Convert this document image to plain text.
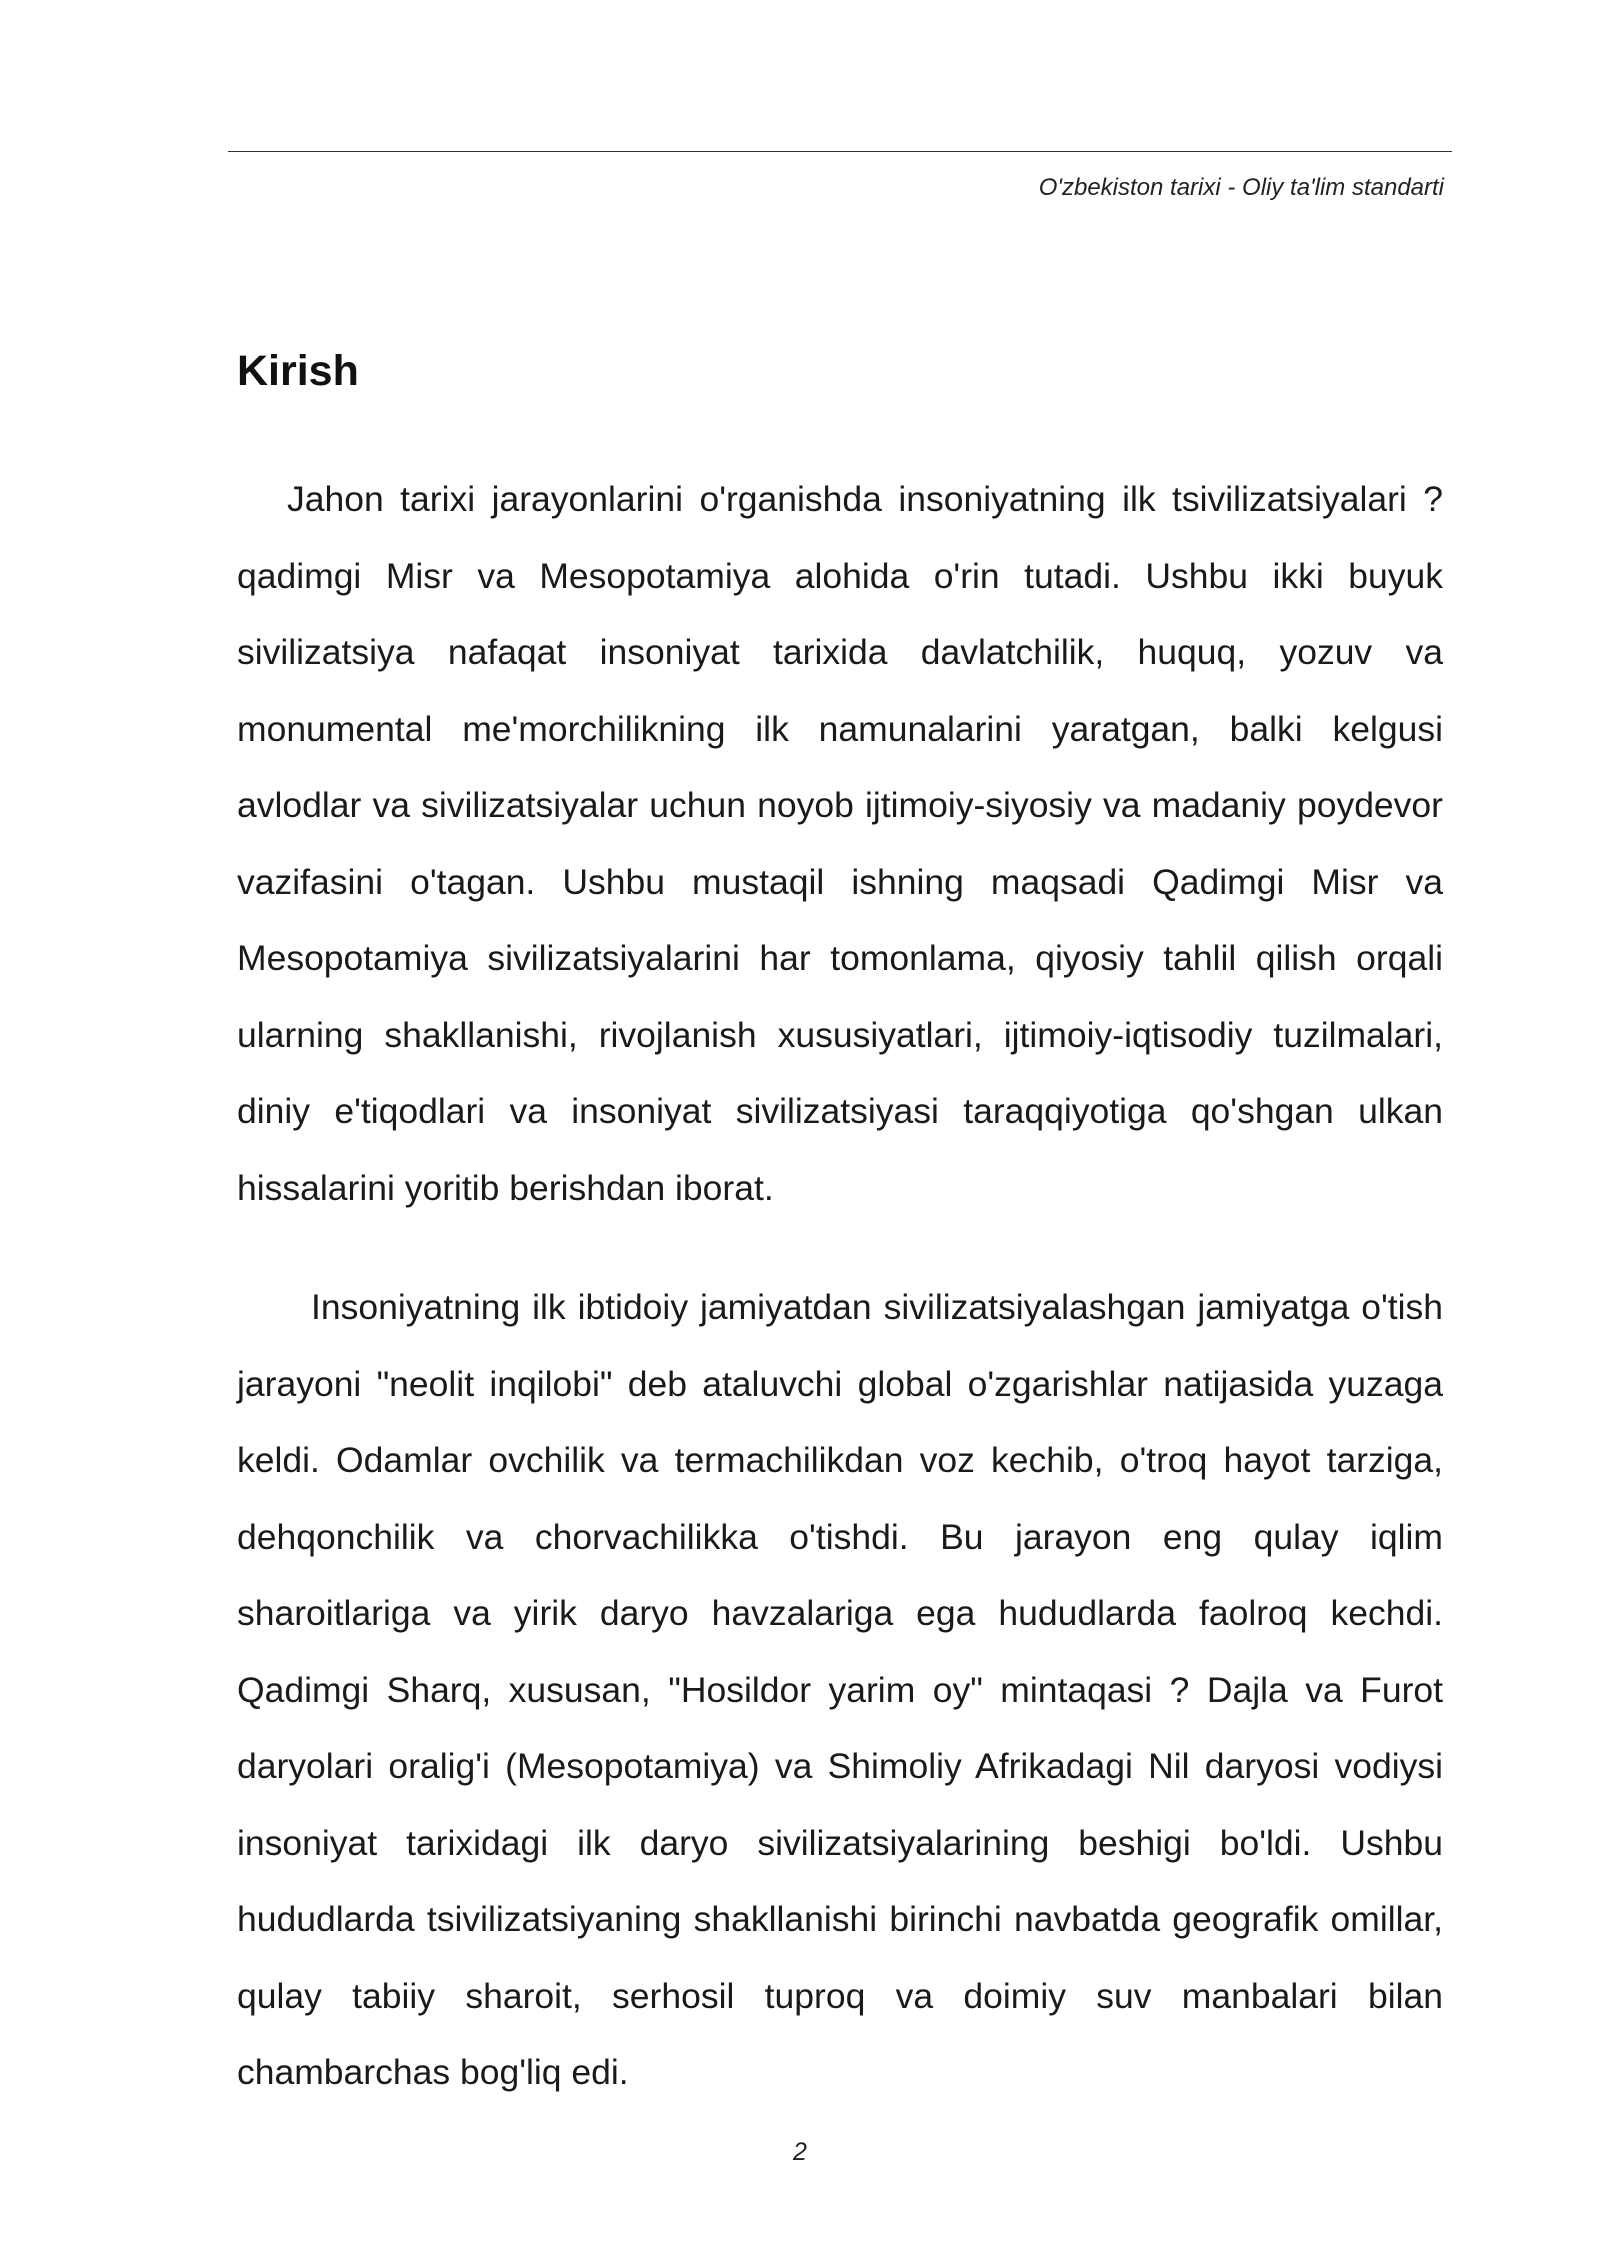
O'zbekiston tarixi - Oliy ta'lim standarti
Kirish

Jahon tarixi jarayonlarini o'rganishda insoniyatning ilk tsivilizatsiyalari ? qadimgi Misr va Mesopotamiya alohida o'rin tutadi. Ushbu ikki buyuk sivilizatsiya nafaqat insoniyat tarixida davlatchilik, huquq, yozuv va monumental me'morchilikning ilk namunalarini yaratgan, balki kelgusi avlodlar va sivilizatsiyalar uchun noyob ijtimoiy-siyosiy va madaniy poydevor vazifasini o'tagan. Ushbu mustaqil ishning maqsadi Qadimgi Misr va Mesopotamiya sivilizatsiyalarini har tomonlama, qiyosiy tahlil qilish orqali ularning shakllanishi, rivojlanish xususiyatlari, ijtimoiy-iqtisodiy tuzilmalari, diniy e'tiqodlari va insoniyat sivilizatsiyasi taraqqiyotiga qo'shgan ulkan hissalarini yoritib berishdan iborat.

Insoniyatning ilk ibtidoiy jamiyatdan sivilizatsiyalashgan jamiyatga o'tish jarayoni "neolit inqilobi" deb ataluvchi global o'zgarishlar natijasida yuzaga keldi. Odamlar ovchilik va termachilikdan voz kechib, o'troq hayot tarziga, dehqonchilik va chorvachilikka o'tishdi. Bu jarayon eng qulay iqlim sharoitlariga va yirik daryo havzalariga ega hududlarda faolroq kechdi. Qadimgi Sharq, xususan, "Hosildor yarim oy" mintaqasi ? Dajla va Furot daryolari oralig'i (Mesopotamiya) va Shimoliy Afrikadagi Nil daryosi vodiysi insoniyat tarixidagi ilk daryo sivilizatsiyalarining beshigi bo'ldi. Ushbu hududlarda tsivilizatsiyaning shakllanishi birinchi navbatda geografik omillar, qulay tabiiy sharoit, serhosil tuproq va doimiy suv manbalari bilan chambarchas bog'liq edi.

2
